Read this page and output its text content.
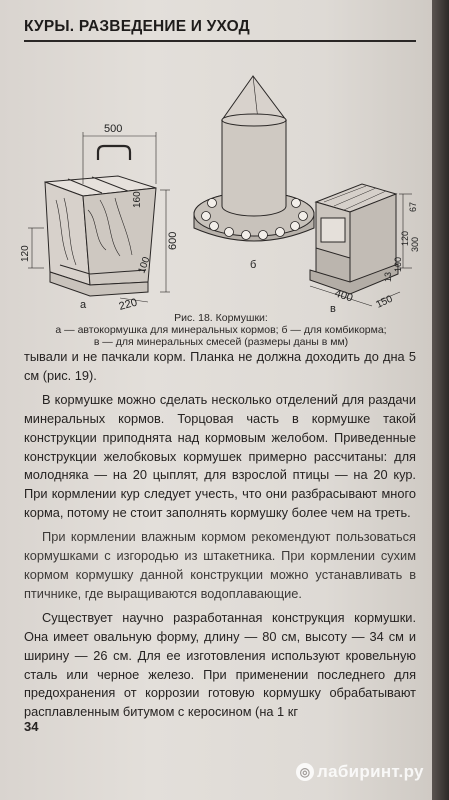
КУРЫ. РАЗВЕДЕНИЕ И УХОД
500
600
160
120
100
220
а
б
67
120 300
100
13
400 150
в
Рис. 18. Кормушки:
а — автокормушка для минеральных кормов; б — для комбикорма;
в — для минеральных смесей (размеры даны в мм)

тывали и не пачкали корм. Планка не должна доходить до дна 5 см (рис. 19).

В кормушке можно сделать несколько отделений для раздачи минеральных кормов. Торцовая часть в кормушке такой конструкции приподнята над кормовым желобом. Приведенные конструкции желобковых кормушек примерно рассчитаны: для молодняка — на 20 цыплят, для взрослой птицы — на 20 кур. При кормлении кур следует учесть, что они разбрасывают много корма, потому не стоит заполнять кормушку более чем на треть.

При кормлении влажным кормом рекомендуют пользоваться кормушками с изгородью из штакетника. При кормлении сухим кормом кормушку данной конструкции можно устанавливать в птичнике, где выращиваются водоплавающие.

Существует научно разработанная конструкция кормушки. Она имеет овальную форму, длину — 80 см, высоту — 34 см и ширину — 26 см. Для ее изготовления используют кровельную сталь или черное железо. При применении последнего для предохранения от коррозии готовую кормушку обрабатывают расплавленным битумом с керосином (на 1 кг

34
◎ лабиринт.ру
